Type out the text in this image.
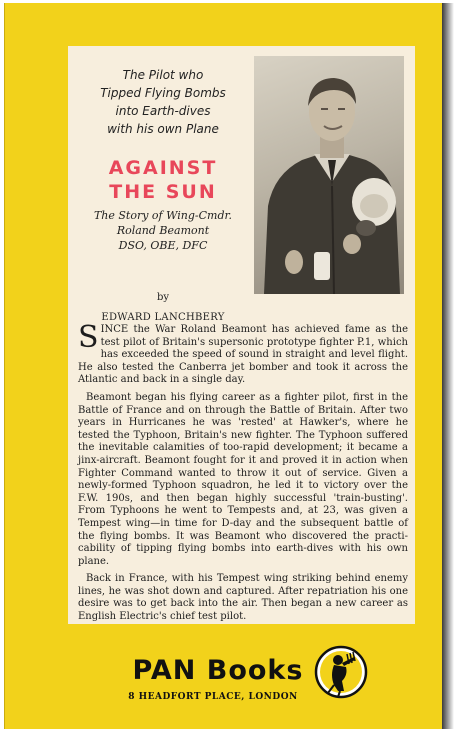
The Pilot who
Tipped Flying Bombs
into Earth-dives
with his own Plane
AGAINST
THE SUN
The Story of Wing-Cmdr.
Roland Beamont
DSO, OBE, DFC
by
EDWARD LANCHBERY

SINCE the War Roland Beamont has achieved fame as the test pilot of Britain's supersonic prototype fighter P.1, which has exceeded the speed of sound in straight and level flight. He also tested the Canberra jet bomber and took it across the Atlantic and back in a single day.

Beamont began his flying career as a fighter pilot, first in the Battle of France and on through the Battle of Britain. After two years in Hurricanes he was 'rested' at Hawker's, where he tested the Typhoon, Britain's new fighter. The Typhoon suffered the inevitable calamities of too-rapid development; it became a jinx-aircraft. Beamont fought for it and proved it in action when Fighter Command wanted to throw it out of service. Given a newly-formed Typhoon squadron, he led it to victory over the F.W. 190s, and then began highly successful 'train-busting'. From Typhoons he went to Tempests and, at 23, was given a Tempest wing—in time for D-day and the subsequent battle of the flying bombs. It was Beamont who discovered the practi-cability of tipping flying bombs into earth-dives with his own plane.

Back in France, with his Tempest wing striking behind enemy lines, he was shot down and captured. After repatriation his one desire was to get back into the air. Then began a new career as English Electric's chief test pilot.

PAN Books
8 HEADFORT PLACE, LONDON
